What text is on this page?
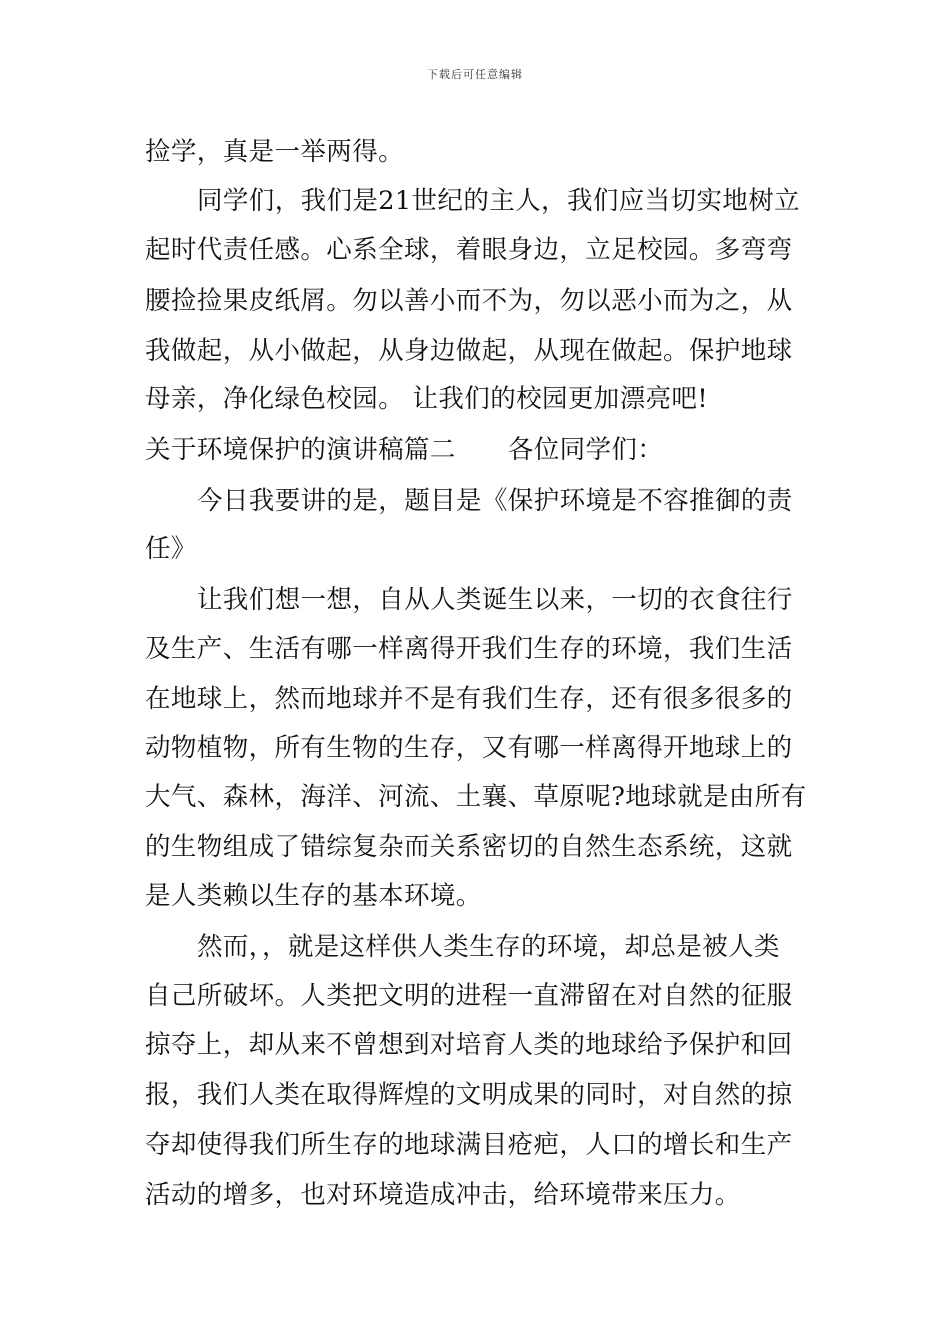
下载后可任意编辑
捡学，真是一举两得。
同学们，我们是21世纪的主人，我们应当切实地树立
起时代责任感。心系全球，着眼身边，立足校园。多弯弯
腰捡捡果皮纸屑。勿以善小而不为，勿以恶小而为之，从
我做起，从小做起，从身边做起，从现在做起。保护地球
母亲，净化绿色校园。 让我们的校园更加漂亮吧!
关于环境保护的演讲稿篇二 各位同学们：
今日我要讲的是，题目是《保护环境是不容推御的责
任》
让我们想一想，自从人类诞生以来，一切的衣食往行
及生产、生活有哪一样离得开我们生存的环境，我们生活
在地球上，然而地球并不是有我们生存，还有很多很多的
动物植物，所有生物的生存，又有哪一样离得开地球上的
大气、森林，海洋、河流、土襄、草原呢?地球就是由所有
的生物组成了错综复杂而关系密切的自然生态系统，这就
是人类赖以生存的基本环境。
然而，，就是这样供人类生存的环境，却总是被人类
自己所破坏。人类把文明的进程一直滞留在对自然的征服
掠夺上，却从来不曾想到对培育人类的地球给予保护和回
报，我们人类在取得辉煌的文明成果的同时，对自然的掠
夺却使得我们所生存的地球满目疮疤，人口的增长和生产
活动的增多，也对环境造成冲击，给环境带来压力。
